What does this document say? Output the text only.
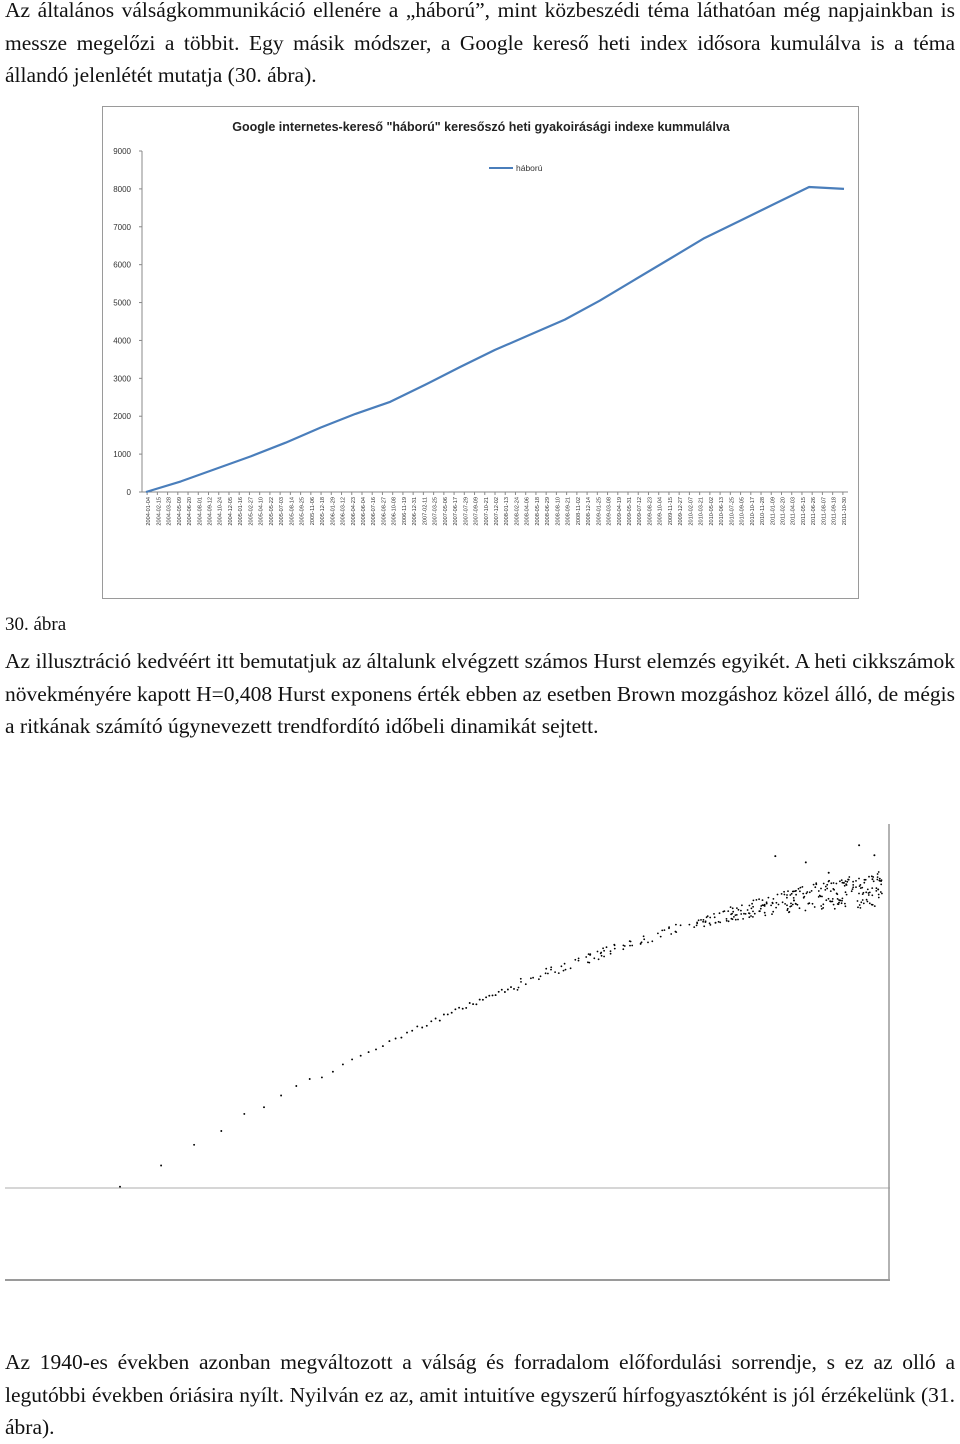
Az általános válságkommunikáció ellenére a „háború”, mint közbeszédi téma láthatóan még napjainkban is messze megelőzi a többit. Egy másik módszer, a Google kereső heti index idősora kumulálva is a téma állandó jelenlétét mutatja (30. ábra).

Google internetes-kereső "háború" keresőszó heti gyakoirásági indexe kummulálva
háború
0
1000
2000
3000
4000
5000
6000
7000
8000
9000
2004-01-04 2004-02-15 2004-03-28 2004-05-09 2004-06-20 2004-08-01 2004-09-12 2004-10-24 2004-12-05 2005-01-16 2005-02-27 2005-04-10 2005-05-22 2005-07-03 2005-08-14 2005-09-25 2005-11-06 2005-12-18 2006-01-29 2006-03-12 2006-04-23 2006-06-04 2006-07-16 2006-08-27 2006-10-08 2006-11-19 2006-12-31 2007-02-11 2007-03-25 2007-05-06 2007-06-17 2007-07-29 2007-09-09 2007-10-21 2007-12-02 2008-01-13 2008-02-24 2008-04-06 2008-05-18 2008-06-29 2008-08-10 2008-09-21 2008-11-02 2008-12-14 2009-01-25 2009-03-08 2009-04-19 2009-05-31 2009-07-12 2009-08-23 2009-10-04 2009-11-15 2009-12-27 2010-02-07 2010-03-21 2010-05-02 2010-06-13 2010-07-25 2010-09-05 2010-10-17 2010-11-28 2011-01-09 2011-02-20 2011-04-03 2011-05-15 2011-06-26 2011-08-07 2011-09-18 2011-10-30

30. ábra

Az illusztráció kedvéért itt bemutatjuk az általunk elvégzett számos Hurst elemzés egyikét. A heti cikkszámok növekményére kapott H=0,408 Hurst exponens érték ebben az esetben Brown mozgáshoz közel álló, de mégis a ritkának számító úgynevezett trendfordító időbeli dinamikát sejtett.

Az 1940-es években azonban megváltozott a válság és forradalom előfordulási sorrendje, s ez az olló a legutóbbi években óriásira nyílt. Nyilván ez az, amit intuitíve egyszerű hírfogyasztóként is jól érzékelünk (31. ábra).
